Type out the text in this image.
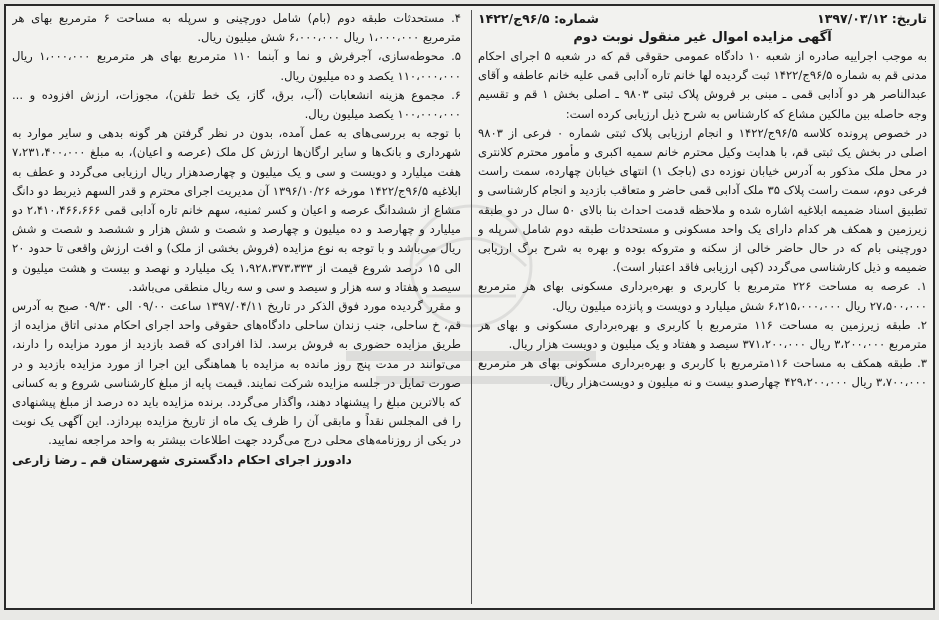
تاریخ: ۱۳۹۷/۰۳/۱۲
شماره: ۹۶/۵ج/۱۴۲۲
آگهی مزایده اموال غیر منقول نوبت دوم

به موجب اجراییه صادره از شعبه ۱۰ دادگاه عمومی حقوقی قم که در شعبه ۵ اجرای احکام مدنی قم به شماره ۹۶/۵ج/۱۴۲۲ ثبت گردیده لها خانم تاره آدابی قمی علیه خانم عاطفه و آقای عبدالناصر هر دو آدابی قمی ـ مبنی بر فروش پلاک ثبتی ۹۸۰۳ ـ اصلی بخش ۱ قم و تقسیم وجه حاصله بین مالکین مشاع که کارشناس به شرح ذیل ارزیابی کرده است:

در خصوص پرونده کلاسه ۹۶/۵ج/۱۴۲۲ و انجام ارزیابی پلاک ثبتی شماره ۰ فرعی از ۹۸۰۳ اصلی در بخش یک ثبتی قم، با هدایت وکیل محترم خانم سمیه اکبری و مأمور محترم کلانتری در محل ملک مذکور به آدرس خیابان نوزده دی (باجک ۱) انتهای خیابان چهارده، سمت راست فرعی دوم، سمت راست پلاک ۳۵ ملک آدابی قمی حاضر و متعاقب بازدید و انجام کارشناسی و تطبیق اسناد ضمیمه ابلاغیه اشاره شده و ملاحظه قدمت احداث بنا بالای ۵۰ سال در دو طبقه زیرزمین و همکف هر کدام دارای یک واحد مسکونی و مستحدثات طبقه دوم شامل سرپله و دورچینی بام که در حال حاضر خالی از سکنه و متروکه بوده و بهره به شرح برگ ارزیابی ضمیمه و ذیل کارشناسی می‌گردد (کپی ارزیابی فاقد اعتبار است).

۱. عرصه به مساحت ۲۲۶ مترمربع با کاربری و بهره‌برداری مسکونی بهای هر مترمربع ۲۷،۵۰۰،۰۰۰ ریال ۶،۲۱۵،۰۰۰،۰۰۰ شش میلیارد و دویست و پانزده میلیون ریال.

۲. طبقه زیرزمین به مساحت ۱۱۶ مترمربع با کاربری و بهره‌برداری مسکونی و بهای هر مترمربع ۳،۲۰۰،۰۰۰ ریال ۳۷۱،۲۰۰،۰۰۰ سیصد و هفتاد و یک میلیون و دویست هزار ریال.

۳. طبقه همکف به مساحت ۱۱۶مترمربع با کاربری و بهره‌برداری مسکونی بهای هر مترمربع ۳،۷۰۰،۰۰۰ ریال ۴۲۹،۲۰۰،۰۰۰ چهارصدو بیست و نه میلیون و دویست‌هزار ریال.

۴. مستحدثات طبقه دوم (بام) شامل دورچینی و سرپله به مساحت ۶ مترمربع بهای هر مترمربع ۱،۰۰۰،۰۰۰ ریال ۶،۰۰۰،۰۰۰ شش میلیون ریال.

۵. محوطه‌سازی، آجرفرش و نما و آبنما ۱۱۰ مترمربع بهای هر مترمربع ۱،۰۰۰،۰۰۰ ریال ۱۱۰،۰۰۰،۰۰۰ یکصد و ده میلیون ریال.

۶. مجموع هزینه انشعابات (آب، برق، گاز، یک خط تلفن)، مجوزات، ارزش افزوده و ... ۱۰۰،۰۰۰،۰۰۰ یکصد میلیون ریال.

با توجه به بررسی‌های به عمل آمده، بدون در نظر گرفتن هر گونه بدهی و سایر موارد به شهرداری و بانک‌ها و سایر ارگان‌ها ارزش کل ملک (عرصه و اعیان)، به مبلغ ۷،۲۳۱،۴۰۰،۰۰۰ هفت میلیارد و دویست و سی و یک میلیون و چهارصدهزار ریال ارزیابی می‌گردد و عطف به ابلاغیه ۹۶/۵ج/۱۴۲۲ مورخه ۱۳۹۶/۱۰/۲۶ آن مدیریت اجرای محترم و قدر السهم ذیربط دو دانگ مشاع از ششدانگ عرصه و اعیان و کسر ثمنیه، سهم خانم تاره آدابی قمی ۲،۴۱۰،۴۶۶،۶۶۶ دو میلیارد و چهارصد و ده میلیون و چهارصد و شصت و شش هزار و ششصد و شصت و شش ریال می‌باشد و با توجه به نوع مزایده (فروش بخشی از ملک) و افت ارزش واقعی تا حدود ۲۰ الی ۱۵ درصد شروع قیمت از ۱،۹۲۸،۳۷۳،۳۳۳ یک میلیارد و نهصد و بیست و هشت میلیون و سیصد و هفتاد و سه هزار و سیصد و سی و سه ریال منطقی می‌باشد.

و مقرر گردیده مورد فوق الذکر در تاریخ ۱۳۹۷/۰۴/۱۱ ساعت ۰۹/۰۰ الی ۰۹/۳۰ صبح به آدرس قم، خ ساحلی، جنب زندان ساحلی دادگاه‌های حقوقی واحد اجرای احکام مدنی اتاق مزایده از طریق مزایده حضوری به فروش برسد. لذا افرادی که قصد بازدید از مورد مزایده را دارند، می‌توانند در مدت پنج روز مانده به مزایده با هماهنگی این اجرا از مورد مزایده بازدید و در صورت تمایل در جلسه مزایده شرکت نمایند. قیمت پایه از مبلغ کارشناسی شروع و به کسانی که بالاترین مبلغ را پیشنهاد دهند، واگذار می‌گردد. برنده مزایده باید ده درصد از مبلغ پیشنهادی را فی المجلس نقداً و مابقی آن را ظرف یک ماه از تاریخ مزایده بپردازد. این آگهی یک نوبت در یکی از روزنامه‌های محلی درج می‌گردد جهت اطلاعات بیشتر به واحد مراجعه نمایید.

دادورز اجرای احکام دادگستری شهرستان قم ـ رضا زارعی
